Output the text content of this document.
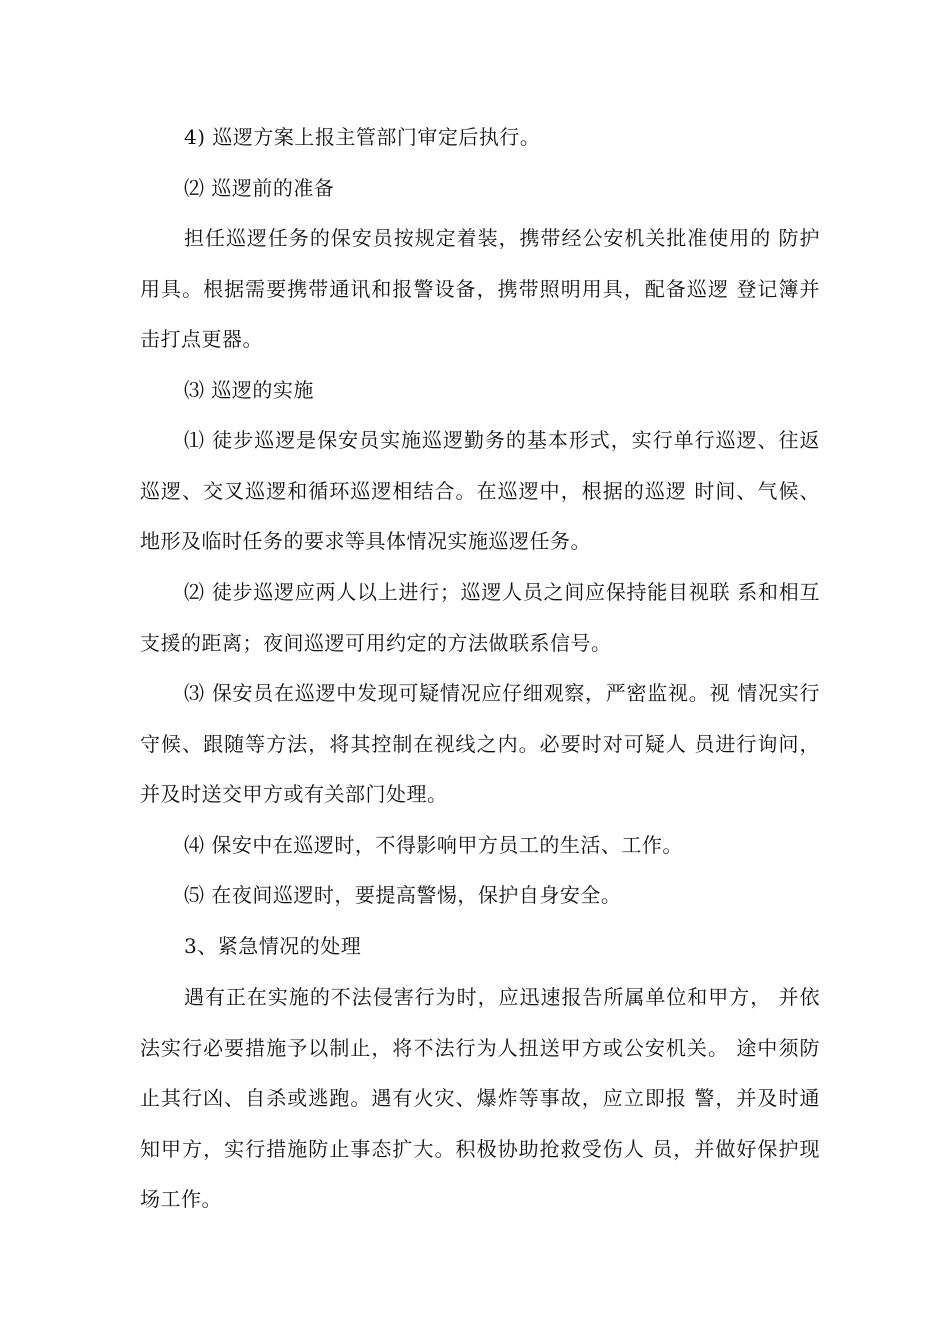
4) 巡逻方案上报主管部门审定后执行。
⑵ 巡逻前的准备
担任巡逻任务的保安员按规定着装，携带经公安机关批准使用的 防护用具。根据需要携带通讯和报警设备，携带照明用具，配备巡逻 登记簿并击打点更器。
⑶ 巡逻的实施
⑴ 徒步巡逻是保安员实施巡逻勤务的基本形式，实行单行巡逻、往返巡逻、交叉巡逻和循环巡逻相结合。在巡逻中，根据的巡逻 时间、气候、地形及临时任务的要求等具体情况实施巡逻任务。
⑵ 徒步巡逻应两人以上进行；巡逻人员之间应保持能目视联 系和相互支援的距离；夜间巡逻可用约定的方法做联系信号。
⑶ 保安员在巡逻中发现可疑情况应仔细观察，严密监视。视 情况实行守候、跟随等方法，将其控制在视线之内。必要时对可疑人 员进行询问，并及时送交甲方或有关部门处理。
⑷ 保安中在巡逻时，不得影响甲方员工的生活、工作。
⑸ 在夜间巡逻时，要提高警惕，保护自身安全。
3、紧急情况的处理
遇有正在实施的不法侵害行为时，应迅速报告所属单位和甲方， 并依法实行必要措施予以制止，将不法行为人扭送甲方或公安机关。 途中须防止其行凶、自杀或逃跑。遇有火灾、爆炸等事故，应立即报 警，并及时通知甲方，实行措施防止事态扩大。积极协助抢救受伤人 员，并做好保护现场工作。
